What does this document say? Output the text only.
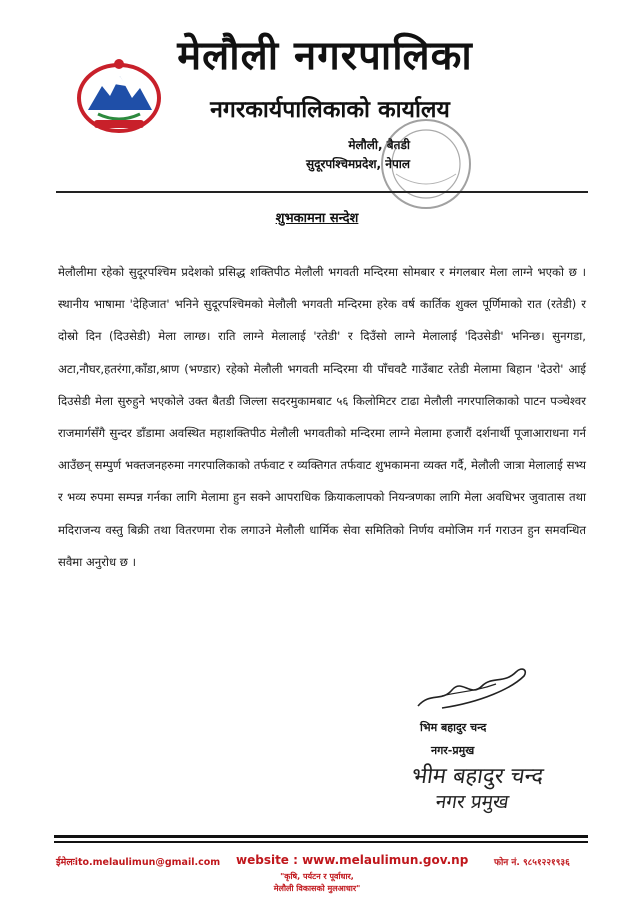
मेलौली नगरपालिका
नगरकार्यपालिकाको कार्यालय
मेलौली, बैतडी
सुदूरपश्चिमप्रदेश, नेपाल
शुभकामना सन्देश
मेलौलीमा रहेको सुदूरपश्चिम प्रदेशको प्रसिद्ध शक्तिपीठ मेलौली भगवती मन्दिरमा सोमबार र मंगलबार मेला लाग्ने भएको छ । स्थानीय भाषामा 'देहिजात' भनिने सुदूरपश्चिमको मेलौली भगवती मन्दिरमा हरेक वर्ष कार्तिक शुक्ल पूर्णिमाको रात (रतेडी) र दोस्रो दिन (दिउसेडी) मेला लाग्छ। राति लाग्ने मेलालाई 'रतेडी' र दिउँसो लाग्ने मेलालाई 'दिउसेडी' भनिन्छ। सुनगडा, अटा,नौघर,हतरंगा,काँडा,श्राण (भण्डार) रहेको मेलौली भगवती मन्दिरमा यी पाँचवटै गाउँबाट रतेडी मेलामा बिहान 'देउरो' आई दिउसेडी मेला सुरुहुने भएकोले उक्त बैतडी जिल्ला सदरमुकामबाट ५६ किलोमिटर टाढा मेलौली नगरपालिकाको पाटन पञ्चेश्वर राजमार्गसँगै सुन्दर डाँडामा अवस्थित महाशक्तिपीठ मेलौली भगवतीको मन्दिरमा लाग्ने मेलामा हजारौं दर्शनार्थी पूजाआराधना गर्न आउँछन् सम्पुर्ण भक्तजनहरुमा नगरपालिकाको तर्फवाट र व्यक्तिगत तर्फवाट शुभकामना व्यक्त गर्दै, मेलौली जात्रा मेलालाई सभ्य र भव्य रुपमा सम्पन्न गर्नका लागि मेलामा हुन सक्ने आपराधिक क्रियाकलापको नियन्त्रणका लागि मेला अवधिभर जुवातास तथा मदिराजन्य वस्तु बिक्री तथा वितरणमा रोक लगाउने मेलौली धार्मिक सेवा समितिको निर्णय वमोजिम गर्न गराउन हुन समवन्धित सवैमा अनुरोध छ ।
भिम बहादुर चन्द
नगर-प्रमुख
भीम बहादुर चन्द
नगर प्रमुख
ईमेलःito.melaulimun@gmail.com website : www.melaulimun.gov.np	फोन नं. ९८५१२२१९३६
"कृषि, पर्यटन र पूर्वाधार,
मेलौली विकासको मुलआधार"
